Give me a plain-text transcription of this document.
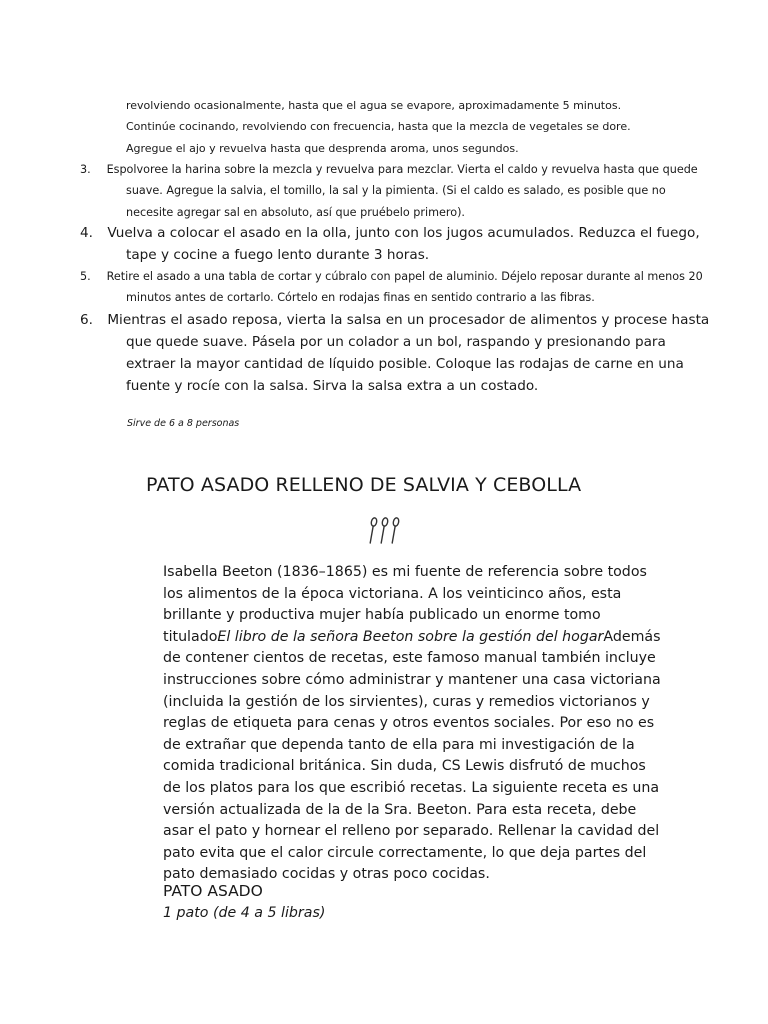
revolviendo ocasionalmente, hasta que el agua se evapore, aproximadamente 5 minutos. Continúe cocinando, revolviendo con frecuencia, hasta que la mezcla de vegetales se dore. Agregue el ajo y revuelva hasta que desprenda aroma, unos segundos.

3. Espolvoree la harina sobre la mezcla y revuelva para mezclar. Vierta el caldo y revuelva hasta que quede suave. Agregue la salvia, el tomillo, la sal y la pimienta. (Si el caldo es salado, es posible que no necesite agregar sal en absoluto, así que pruébelo primero).

4. Vuelva a colocar el asado en la olla, junto con los jugos acumulados. Reduzca el fuego, tape y cocine a fuego lento durante 3 horas.

5. Retire el asado a una tabla de cortar y cúbralo con papel de aluminio. Déjelo reposar durante al menos 20 minutos antes de cortarlo. Córtelo en rodajas finas en sentido contrario a las fibras.

6. Mientras el asado reposa, vierta la salsa en un procesador de alimentos y procese hasta que quede suave. Pásela por un colador a un bol, raspando y presionando para extraer la mayor cantidad de líquido posible. Coloque las rodajas de carne en una fuente y rocíe con la salsa. Sirva la salsa extra a un costado.

Sirve de 6 a 8 personas

PATO ASADO RELLENO DE SALVIA Y CEBOLLA

Isabella Beeton (1836–1865) es mi fuente de referencia sobre todos los alimentos de la época victoriana. A los veinticinco años, esta brillante y productiva mujer había publicado un enorme tomo tituladoEl libro de la señora Beeton sobre la gestión del hogarAdemás de contener cientos de recetas, este famoso manual también incluye instrucciones sobre cómo administrar y mantener una casa victoriana (incluida la gestión de los sirvientes), curas y remedios victorianos y reglas de etiqueta para cenas y otros eventos sociales. Por eso no es de extrañar que dependa tanto de ella para mi investigación de la comida tradicional británica. Sin duda, CS Lewis disfrutó de muchos de los platos para los que escribió recetas. La siguiente receta es una versión actualizada de la de la Sra. Beeton. Para esta receta, debe asar el pato y hornear el relleno por separado. Rellenar la cavidad del pato evita que el calor circule correctamente, lo que deja partes del pato demasiado cocidas y otras poco cocidas.

PATO ASADO

1 pato (de 4 a 5 libras)
